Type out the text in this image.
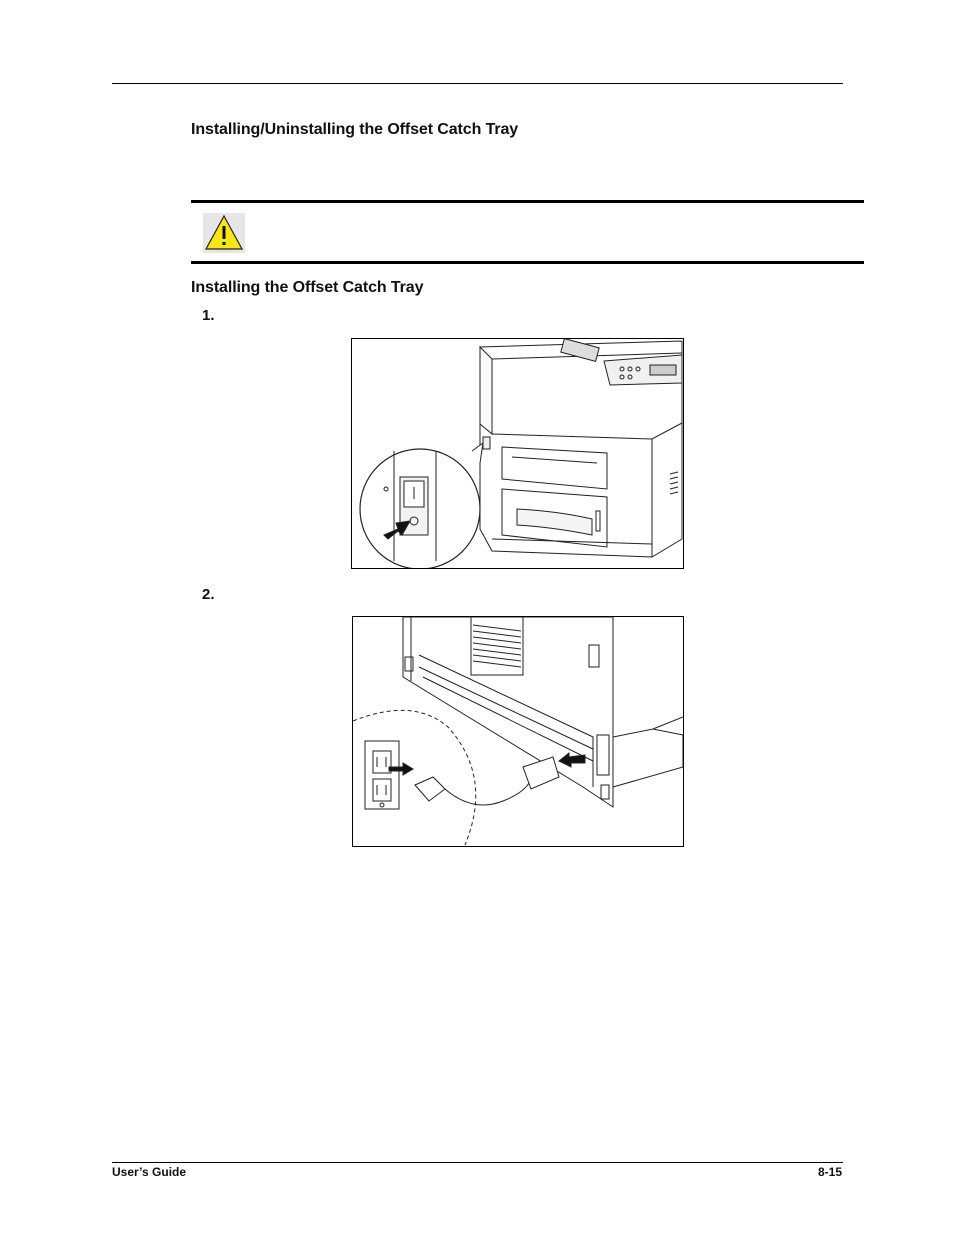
Installing/Uninstalling the Offset Catch Tray
Installing the Offset Catch Tray
1.
2.
User’s Guide	8-15
